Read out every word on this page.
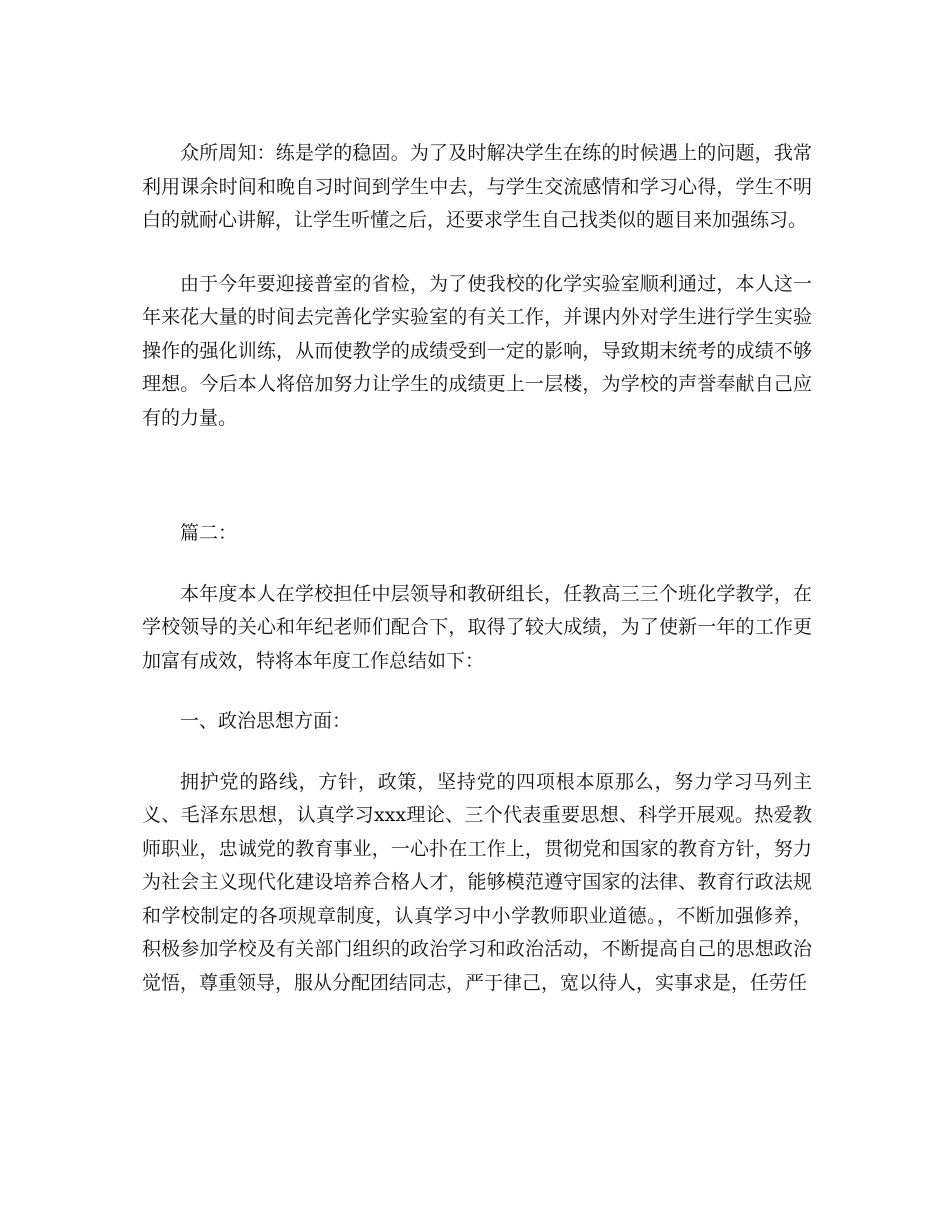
众所周知：练是学的稳固。为了及时解决学生在练的时候遇上的问题，我常利用课余时间和晚自习时间到学生中去，与学生交流感情和学习心得，学生不明白的就耐心讲解，让学生听懂之后，还要求学生自己找类似的题目来加强练习。

由于今年要迎接普室的省检，为了使我校的化学实验室顺利通过，本人这一年来花大量的时间去完善化学实验室的有关工作，并课内外对学生进行学生实验操作的强化训练，从而使教学的成绩受到一定的影响，导致期末统考的成绩不够理想。今后本人将倍加努力让学生的成绩更上一层楼，为学校的声誉奉献自己应有的力量。

篇二：

本年度本人在学校担任中层领导和教研组长，任教高三三个班化学教学，在学校领导的关心和年纪老师们配合下，取得了较大成绩，为了使新一年的工作更加富有成效，特将本年度工作总结如下：

一、政治思想方面：

拥护党的路线，方针，政策，坚持党的四项根本原那么，努力学习马列主义、毛泽东思想，认真学习xxx理论、三个代表重要思想、科学开展观。热爱教师职业，忠诚党的教育事业，一心扑在工作上，贯彻党和国家的教育方针，努力为社会主义现代化建设培养合格人才，能够模范遵守国家的法律、教育行政法规和学校制定的各项规章制度，认真学习中小学教师职业道德。，不断加强修养，积极参加学校及有关部门组织的政治学习和政治活动，不断提高自己的思想政治觉悟，尊重领导，服从分配团结同志，严于律己，宽以待人，实事求是，任劳任
